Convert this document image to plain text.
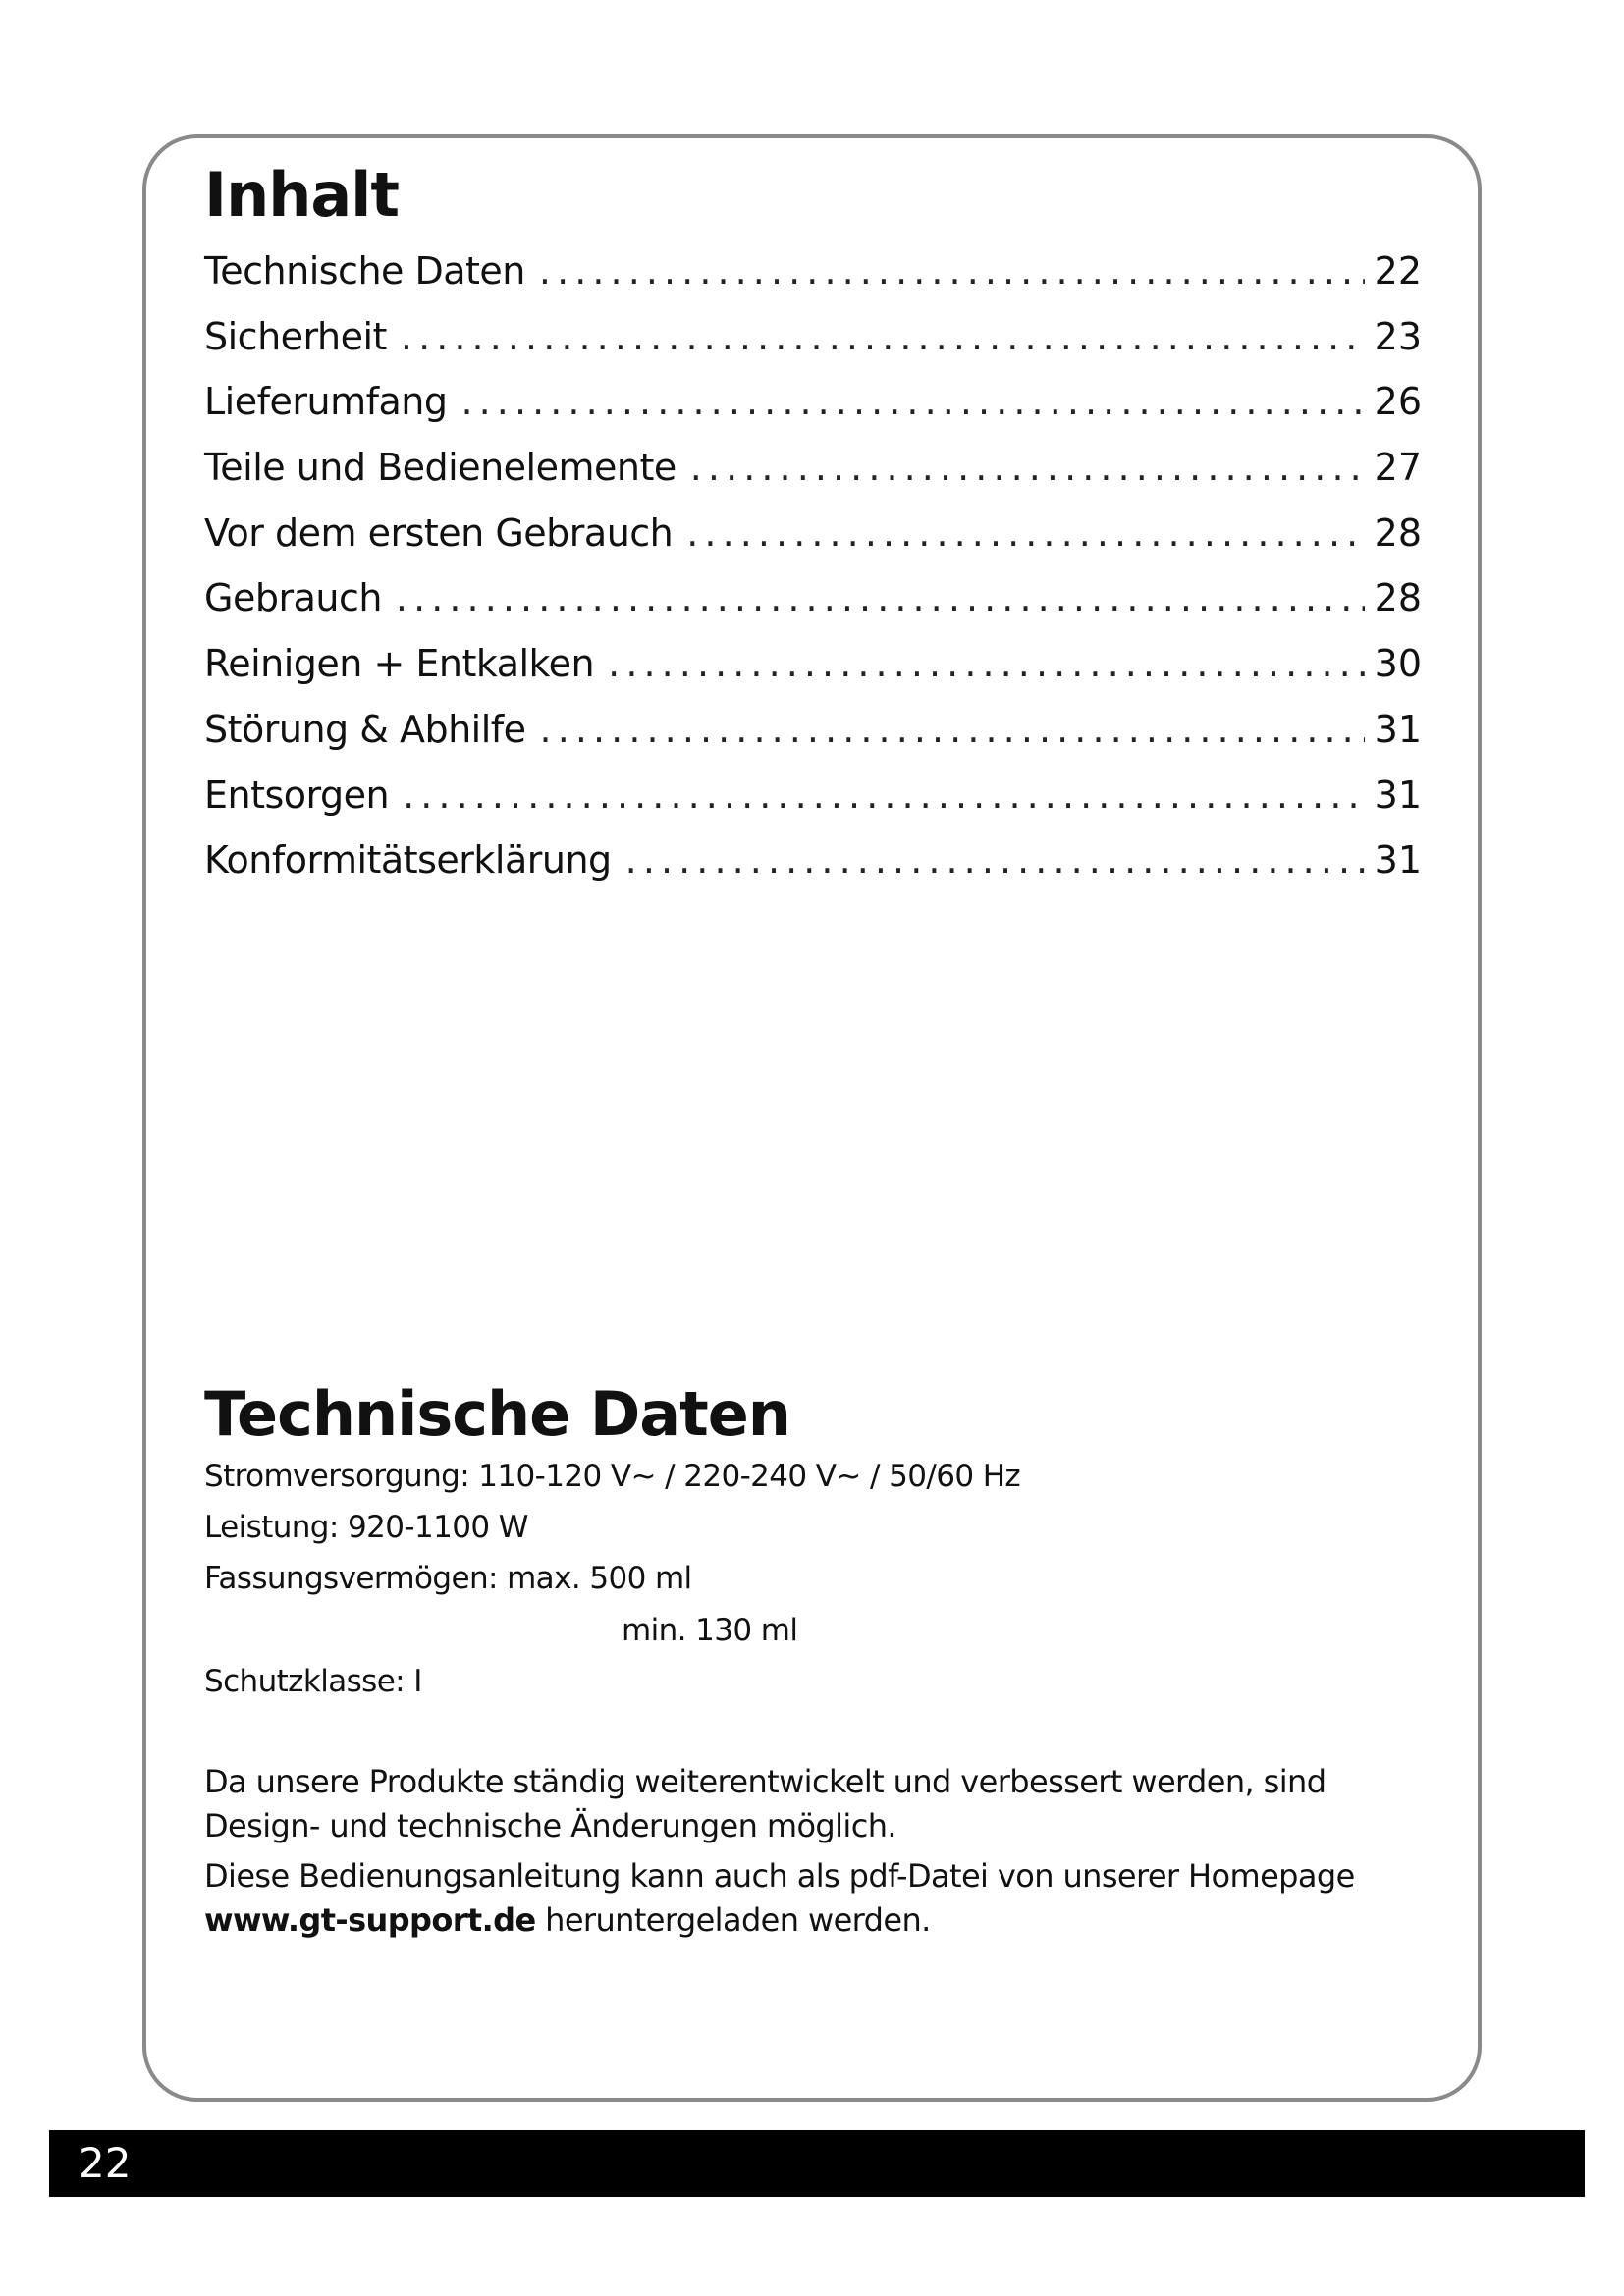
Inhalt
Technische Daten . . .	22
Sicherheit . . .	23
Lieferumfang . . .	26
Teile und Bedienelemente . . .	27
Vor dem ersten Gebrauch . . .	28
Gebrauch . . .	28
Reinigen + Entkalken . . .	30
Störung & Abhilfe . . .	31
Entsorgen . . .	31
Konformitätserklärung . . .	31
Technische Daten
Stromversorgung: 110-120 V~ / 220-240 V~ / 50/60 Hz
Leistung: 920-1100 W
Fassungsvermögen: max. 500 ml
min. 130 ml
Schutzklasse: I

Da unsere Produkte ständig weiterentwickelt und verbessert werden, sind

Design- und technische Änderungen möglich.

Diese Bedienungsanleitung kann auch als pdf-Datei von unserer Homepage

www.gt-support.de heruntergeladen werden.

22
